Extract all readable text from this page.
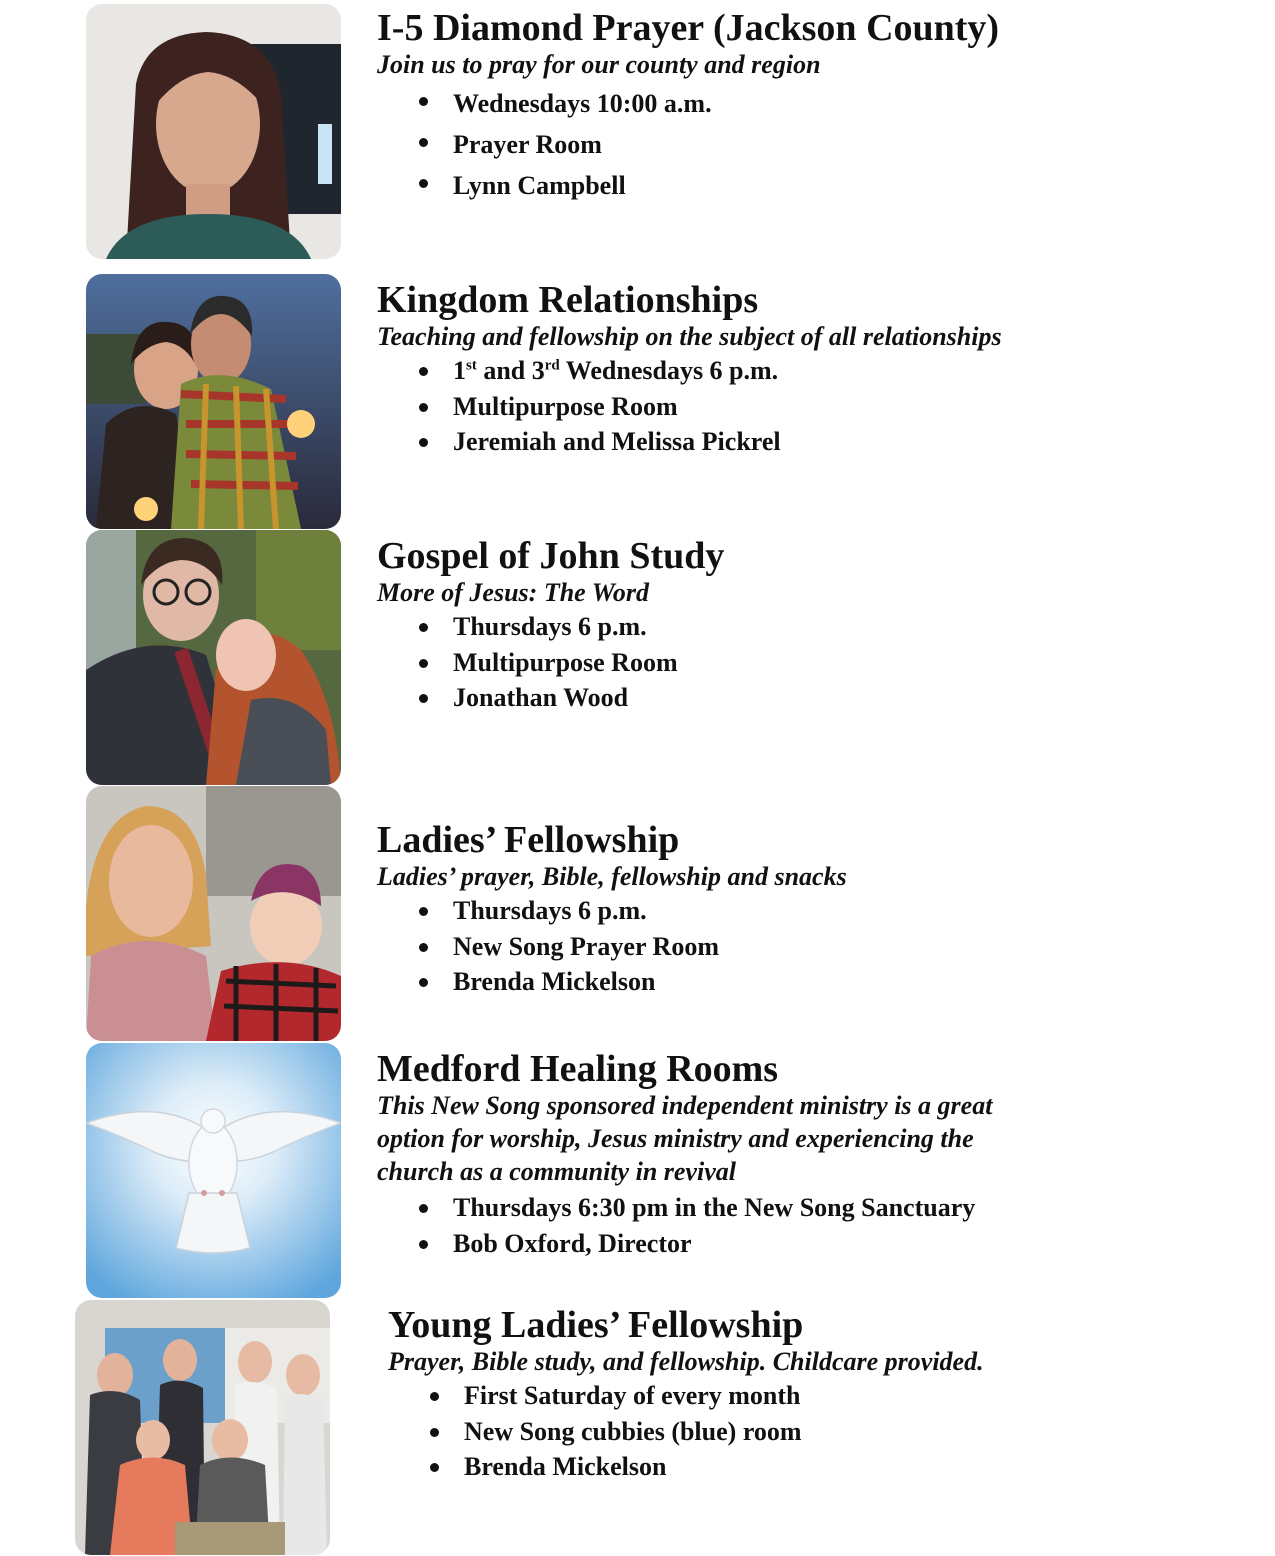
I-5 Diamond Prayer (Jackson County)

Join us to pray for our county and region

Wednesdays 10:00 a.m.
Prayer Room
Lynn Campbell
Kingdom Relationships

Teaching and fellowship on the subject of all relationships

1st and 3rd Wednesdays 6 p.m.
Multipurpose Room
Jeremiah and Melissa Pickrel
Gospel of John Study

More of Jesus: The Word

Thursdays 6 p.m.
Multipurpose Room
Jonathan Wood
Ladies’ Fellowship

Ladies’ prayer, Bible, fellowship and snacks

Thursdays 6 p.m.
New Song Prayer Room
Brenda Mickelson
Medford Healing Rooms

This New Song sponsored independent ministry is a great

option for worship, Jesus ministry and experiencing the

church as a community in revival

Thursdays 6:30 pm in the New Song Sanctuary
Bob Oxford, Director
Young Ladies’ Fellowship

Prayer, Bible study, and fellowship. Childcare provided.

First Saturday of every month
New Song cubbies (blue) room
Brenda Mickelson
